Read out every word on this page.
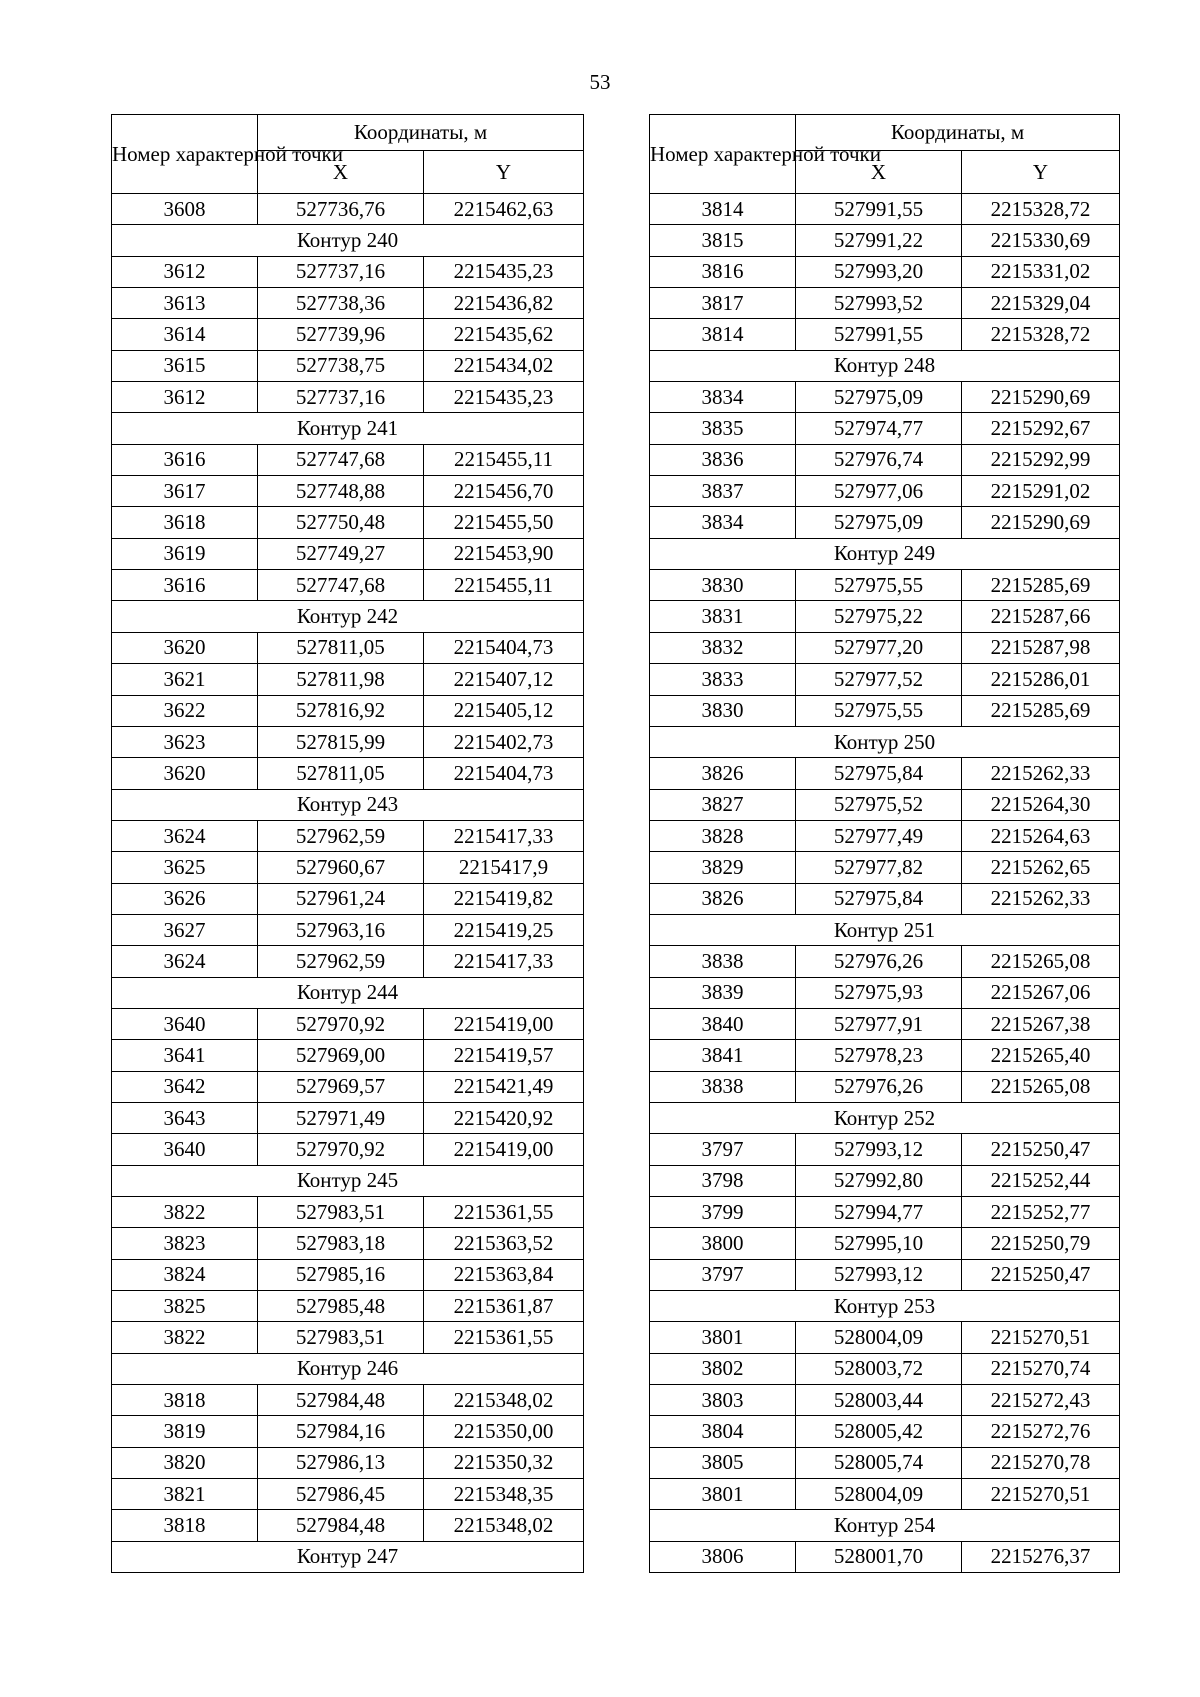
53
Номер характерной точки	Координаты, м	
	X	Y
3608	527736,76	2215462,63
Контур 240		
3612	527737,16	2215435,23
3613	527738,36	2215436,82
3614	527739,96	2215435,62
3615	527738,75	2215434,02
3612	527737,16	2215435,23
Контур 241		
3616	527747,68	2215455,11
3617	527748,88	2215456,70
3618	527750,48	2215455,50
3619	527749,27	2215453,90
3616	527747,68	2215455,11
Контур 242		
3620	527811,05	2215404,73
3621	527811,98	2215407,12
3622	527816,92	2215405,12
3623	527815,99	2215402,73
3620	527811,05	2215404,73
Контур 243		
3624	527962,59	2215417,33
3625	527960,67	2215417,9
3626	527961,24	2215419,82
3627	527963,16	2215419,25
3624	527962,59	2215417,33
Контур 244		
3640	527970,92	2215419,00
3641	527969,00	2215419,57
3642	527969,57	2215421,49
3643	527971,49	2215420,92
3640	527970,92	2215419,00
Контур 245		
3822	527983,51	2215361,55
3823	527983,18	2215363,52
3824	527985,16	2215363,84
3825	527985,48	2215361,87
3822	527983,51	2215361,55
Контур 246		
3818	527984,48	2215348,02
3819	527984,16	2215350,00
3820	527986,13	2215350,32
3821	527986,45	2215348,35
3818	527984,48	2215348,02
Контур 247		
Номер характерной точки	Координаты, м	
	X	Y
3814	527991,55	2215328,72
3815	527991,22	2215330,69
3816	527993,20	2215331,02
3817	527993,52	2215329,04
3814	527991,55	2215328,72
Контур 248		
3834	527975,09	2215290,69
3835	527974,77	2215292,67
3836	527976,74	2215292,99
3837	527977,06	2215291,02
3834	527975,09	2215290,69
Контур 249		
3830	527975,55	2215285,69
3831	527975,22	2215287,66
3832	527977,20	2215287,98
3833	527977,52	2215286,01
3830	527975,55	2215285,69
Контур 250		
3826	527975,84	2215262,33
3827	527975,52	2215264,30
3828	527977,49	2215264,63
3829	527977,82	2215262,65
3826	527975,84	2215262,33
Контур 251		
3838	527976,26	2215265,08
3839	527975,93	2215267,06
3840	527977,91	2215267,38
3841	527978,23	2215265,40
3838	527976,26	2215265,08
Контур 252		
3797	527993,12	2215250,47
3798	527992,80	2215252,44
3799	527994,77	2215252,77
3800	527995,10	2215250,79
3797	527993,12	2215250,47
Контур 253		
3801	528004,09	2215270,51
3802	528003,72	2215270,74
3803	528003,44	2215272,43
3804	528005,42	2215272,76
3805	528005,74	2215270,78
3801	528004,09	2215270,51
Контур 254		
3806	528001,70	2215276,37
